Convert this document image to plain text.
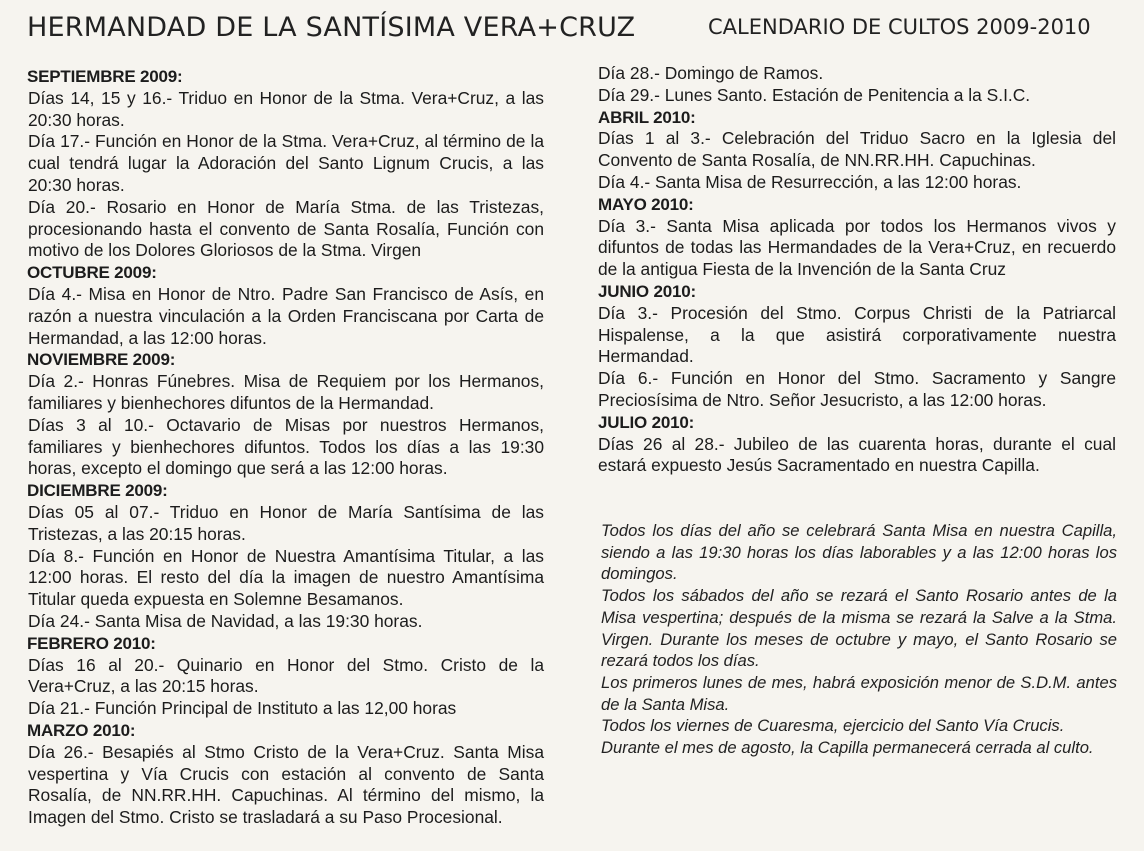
HERMANDAD DE LA SANTÍSIMA VERA+CRUZ	CALENDARIO DE CULTOS 2009-2010
SEPTIEMBRE 2009:
Días 14, 15 y 16.- Triduo en Honor de la Stma. Vera+Cruz, a las 20:30 horas.
Día 17.- Función en Honor de la Stma. Vera+Cruz, al término de la cual tendrá lugar la Adoración del Santo Lignum Crucis, a las 20:30 horas.
Día 20.- Rosario en Honor de María Stma. de las Tristezas, procesionando hasta el convento de Santa Rosalía, Función con motivo de los Dolores Gloriosos de la Stma. Virgen
OCTUBRE 2009:
Día 4.- Misa en Honor de Ntro. Padre San Francisco de Asís, en razón a nuestra vinculación a la Orden Franciscana por Carta de Hermandad, a las 12:00 horas.
NOVIEMBRE 2009:
Día 2.- Honras Fúnebres. Misa de Requiem por los Hermanos, familiares y bienhechores difuntos de la Hermandad.
Días 3 al 10.- Octavario de Misas por nuestros Hermanos, familiares y bienhechores difuntos. Todos los días a las 19:30 horas, excepto el domingo que será a las 12:00 horas.
DICIEMBRE 2009:
Días 05 al 07.- Triduo en Honor de María Santísima de las Tristezas, a las 20:15 horas.
Día 8.- Función en Honor de Nuestra Amantísima Titular, a las 12:00 horas. El resto del día la imagen de nuestro Amantísima Titular queda expuesta en Solemne Besamanos.
Día 24.- Santa Misa de Navidad, a las 19:30 horas.
FEBRERO 2010:
Días 16 al 20.- Quinario en Honor del Stmo. Cristo de la Vera+Cruz, a las 20:15 horas.
Día 21.- Función Principal de Instituto a las 12,00 horas
MARZO 2010:
Día 26.- Besapiés al Stmo Cristo de la Vera+Cruz. Santa Misa vespertina y Vía Crucis con estación al convento de Santa Rosalía, de NN.RR.HH. Capuchinas. Al término del mismo, la Imagen del Stmo. Cristo se trasladará a su Paso Procesional.
Día 28.- Domingo de Ramos.
Día 29.- Lunes Santo. Estación de Penitencia a la S.I.C.
ABRIL 2010:
Días 1 al 3.- Celebración del Triduo Sacro en la Iglesia del Convento de Santa Rosalía, de NN.RR.HH. Capuchinas.
Día 4.- Santa Misa de Resurrección, a las 12:00 horas.
MAYO 2010:
Día 3.- Santa Misa aplicada por todos los Hermanos vivos y difuntos de todas las Hermandades de la Vera+Cruz, en recuerdo de la antigua Fiesta de la Invención de la Santa Cruz
JUNIO 2010:
Día 3.- Procesión del Stmo. Corpus Christi de la Patriarcal Hispalense, a la que asistirá corporativamente nuestra Hermandad.
Día 6.- Función en Honor del Stmo. Sacramento y Sangre Preciosísima de Ntro. Señor Jesucristo, a las 12:00 horas.
JULIO 2010:
Días 26 al 28.- Jubileo de las cuarenta horas, durante el cual estará expuesto Jesús Sacramentado en nuestra Capilla.
Todos los días del año se celebrará Santa Misa en nuestra Capilla, siendo a las 19:30 horas los días laborables y a las 12:00 horas los domingos.
Todos los sábados del año se rezará el Santo Rosario antes de la Misa vespertina; después de la misma se rezará la Salve a la Stma. Virgen. Durante los meses de octubre y mayo, el Santo Rosario se rezará todos los días.
Los primeros lunes de mes, habrá exposición menor de S.D.M. antes de la Santa Misa.
Todos los viernes de Cuaresma, ejercicio del Santo Vía Crucis.
Durante el mes de agosto, la Capilla permanecerá cerrada al culto.
